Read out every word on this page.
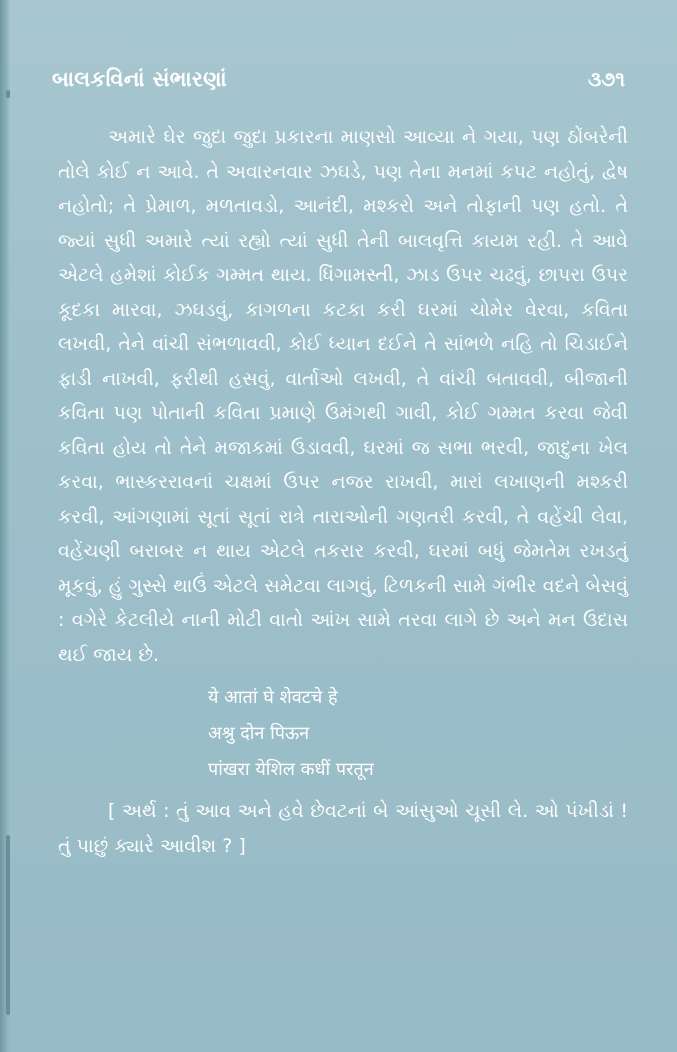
બાલકવિનાં સંભારણાં	૩૭૧

અમારે ઘેર જુદા જુદા પ્રકારના માણસો આવ્યા ને ગયા, પણ ઠોંબરેની તોલે કોઈ ન આવે. તે અવારનવાર ઝઘડે, પણ તેના મનમાં કપટ નહોતું, દ્વેષ નહોતો; તે પ્રેમાળ, મળતાવડો, આનંદી, મશ્કરો અને તોફાની પણ હતો. તે જ્યાં સુધી અમારે ત્યાં રહ્યો ત્યાં સુધી તેની બાલવૃત્તિ કાયમ રહી. તે આવે એટલે હમેશાં કોઈક ગમ્મત થાય. ધિંગામસ્તી, ઝાડ ઉપર ચઢવું, છાપરા ઉપર કૂદકા મારવા, ઝઘડવું, કાગળના કટકા કરી ઘરમાં ચોમેર વેરવા, કવિતા લખવી, તેને વાંચી સંભળાવવી, કોઈ ધ્યાન દઈને તે સાંભળે નહિ તો ચિડાઈને ફાડી નાખવી, ફરીથી હસવું, વાર્તાઓ લખવી, તે વાંચી બતાવવી, બીજાની કવિતા પણ પોતાની કવિતા પ્રમાણે ઉમંગથી ગાવી, કોઈ ગમ્મત કરવા જેવી કવિતા હોય તો તેને મજાકમાં ઉડાવવી, ઘરમાં જ સભા ભરવી, જાદુના ખેલ કરવા, ભાસ્કરરાવનાં ચક્ષમાં ઉપર નજર રાખવી, મારાં લખાણની મશ્કરી કરવી, આંગણામાં સૂતાં સૂતાં રાત્રે તારાઓની ગણતરી કરવી, તે વહેંચી લેવા, વહેંચણી બરાબર ન થાય એટલે તકરાર કરવી, ઘરમાં બધું જેમતેમ રખડતું મૂકવું, હું ગુસ્સે થાઉં એટલે સમેટવા લાગવું, ટિળકની સામે ગંભીર વદને બેસવું : વગેરે કેટલીયે નાની મોટી વાતો આંખ સામે તરવા લાગે છે અને મન ઉદાસ થઈ જાય છે.

ये आतां घे शेवटचे हे
अश्रु दोन पिऊन
पांखरा येशिल कधीं परतून

[ અર્થ : તું આવ અને હવે છેવટનાં બે આંસુઓ ચૂસી લે. ઓ પંખીડાં ! તું પાછું ક્યારે આવીશ ? ]
